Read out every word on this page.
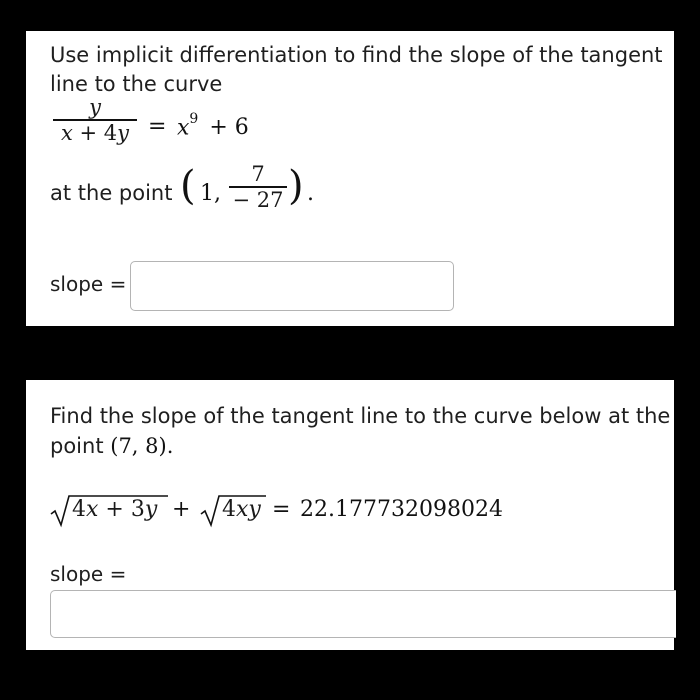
Use implicit differentiation to find the slope of the tangent
line to the curve
y
$x + 4y = x^9 + 6$
at the point ( 1,
7
− 27 ) .
slope =
Find the slope of the tangent line to the curve below at the
point (7, 8).
4x + 3y + 4xy = 22.177732098024
slope =
